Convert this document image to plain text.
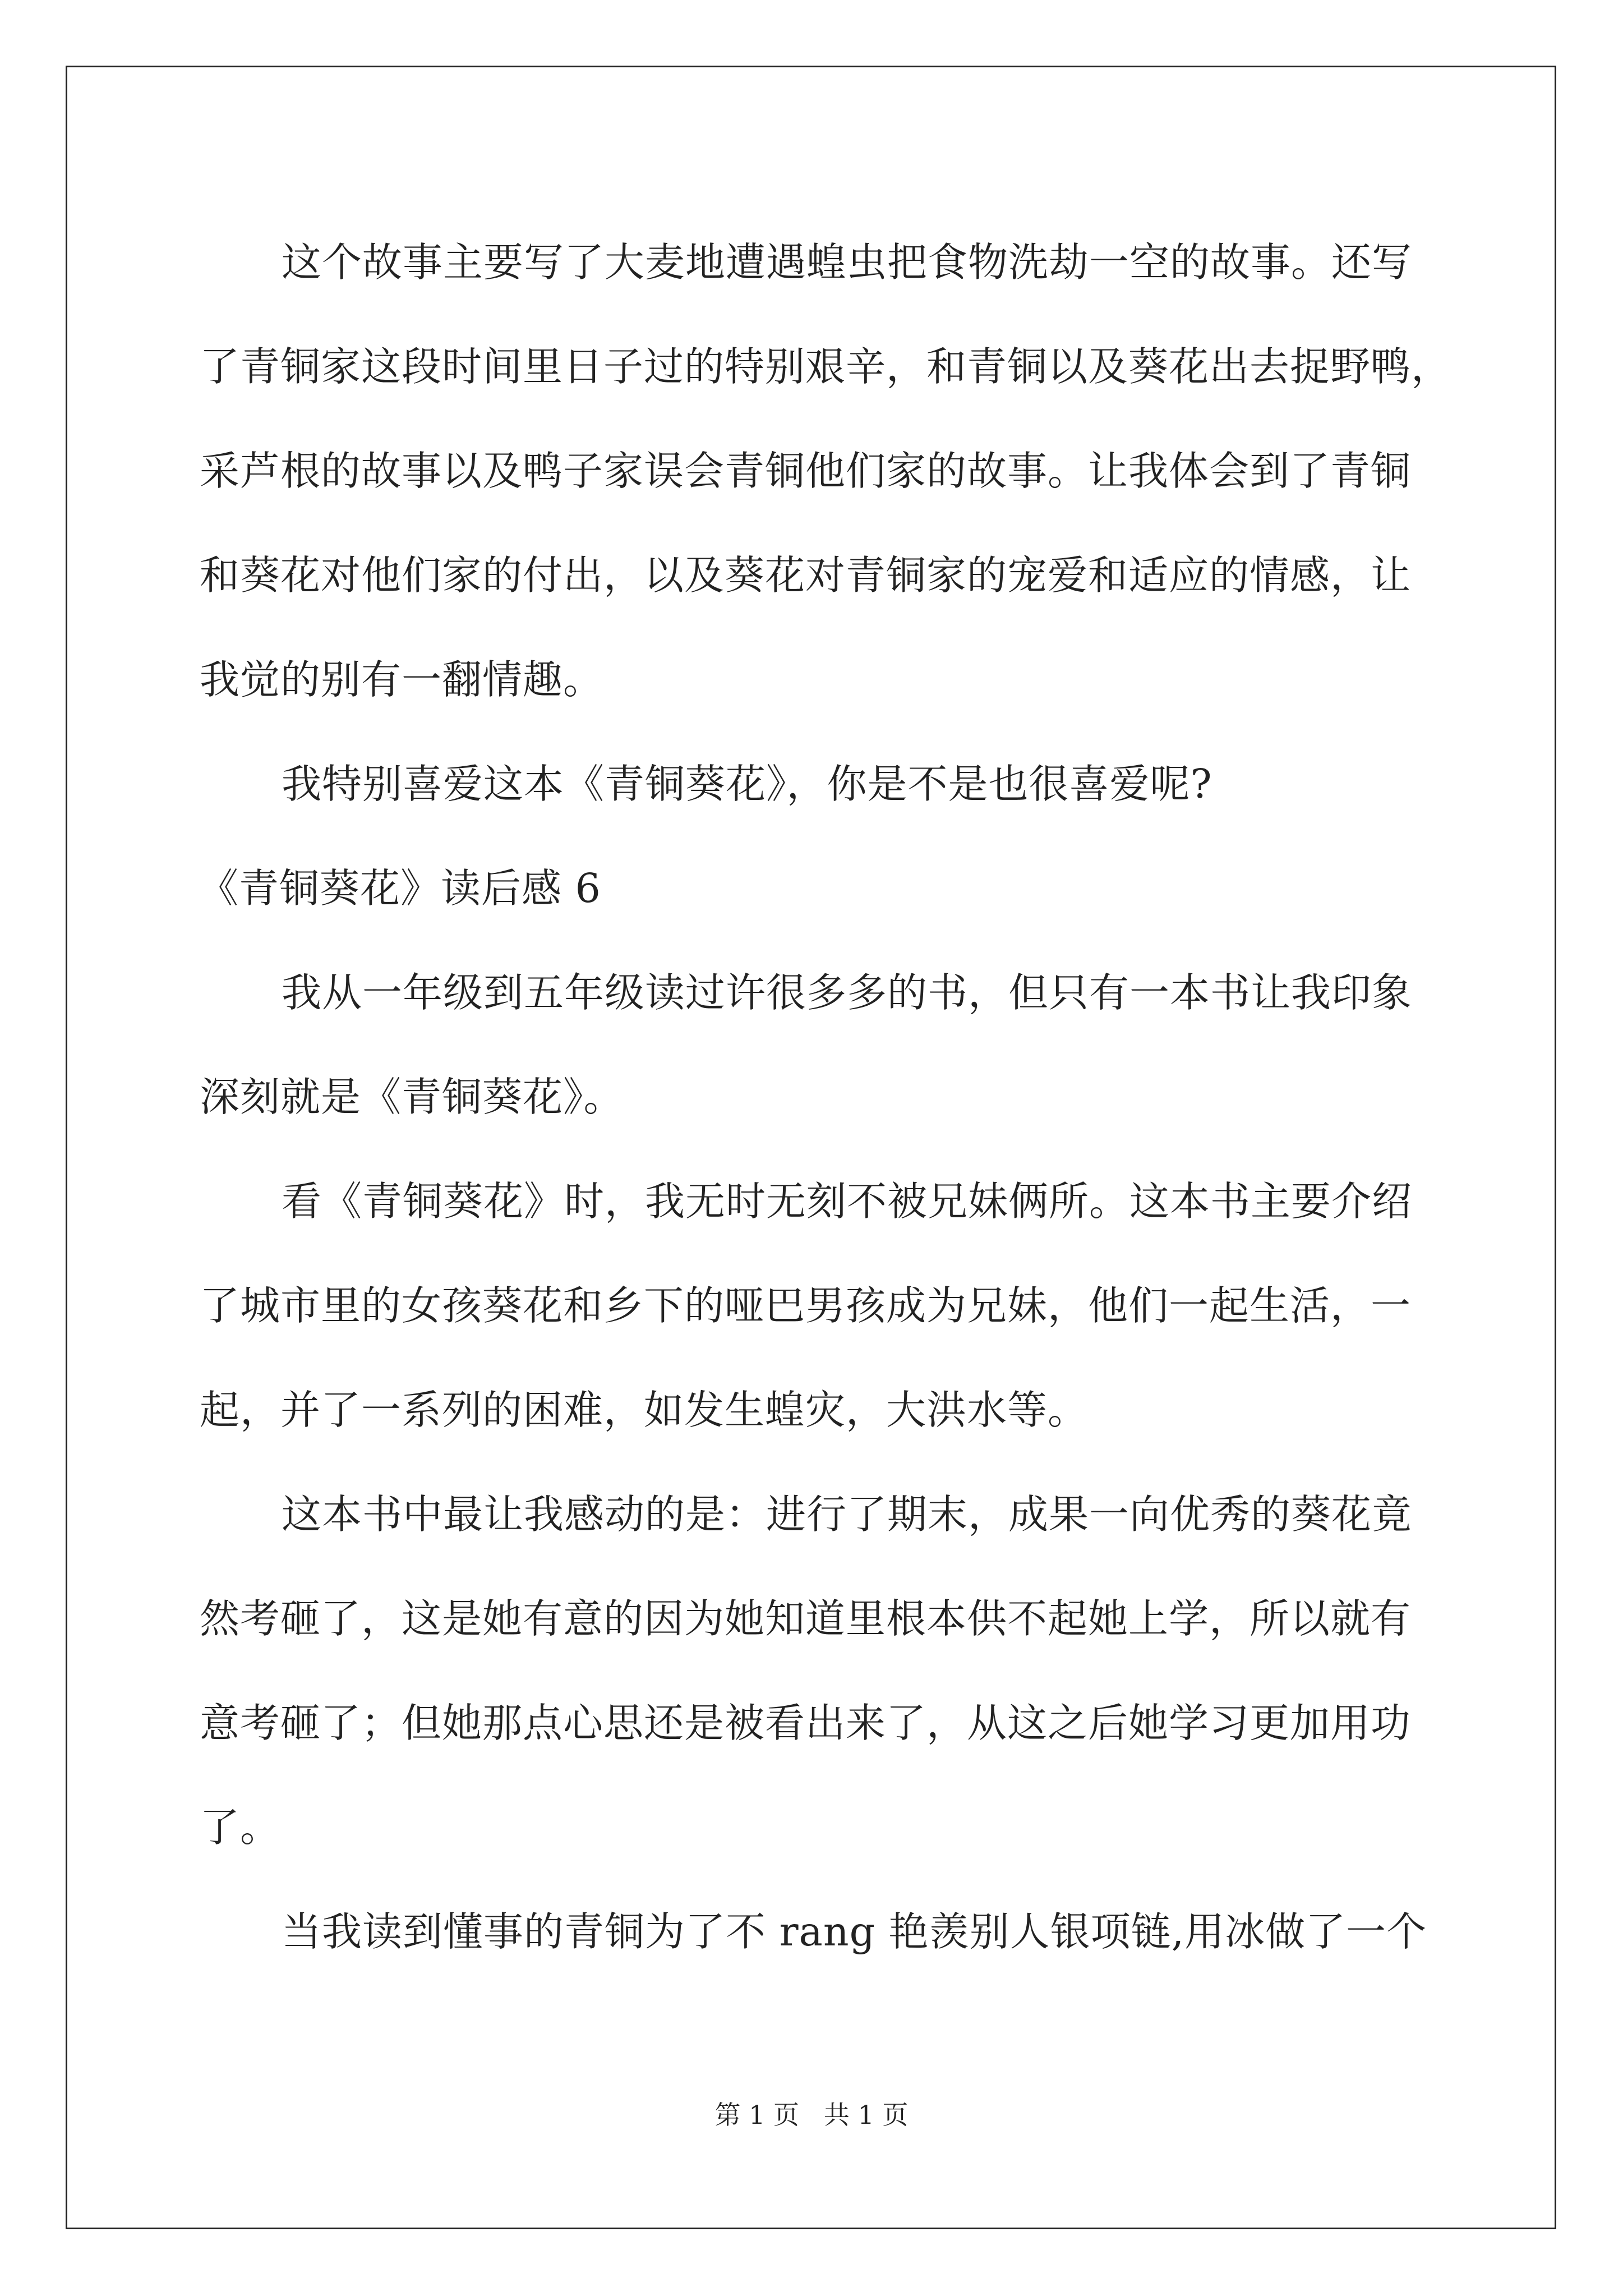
这个故事主要写了大麦地遭遇蝗虫把食物洗劫一空的故事。还写
了青铜家这段时间里日子过的特别艰辛，和青铜以及葵花出去捉野鸭，
采芦根的故事以及鸭子家误会青铜他们家的故事。让我体会到了青铜
和葵花对他们家的付出，以及葵花对青铜家的宠爱和适应的情感，让
我觉的别有一翻情趣。
我特别喜爱这本《青铜葵花》，你是不是也很喜爱呢?
《青铜葵花》读后感 6
我从一年级到五年级读过许很多多的书，但只有一本书让我印象
深刻就是《青铜葵花》。
看《青铜葵花》时，我无时无刻不被兄妹俩所。这本书主要介绍
了城市里的女孩葵花和乡下的哑巴男孩成为兄妹，他们一起生活，一
起，并了一系列的困难，如发生蝗灾，大洪水等。
这本书中最让我感动的是：进行了期末，成果一向优秀的葵花竟
然考砸了，这是她有意的因为她知道里根本供不起她上学，所以就有
意考砸了；但她那点心思还是被看出来了，从这之后她学习更加用功
了。
当我读到懂事的青铜为了不 rang 艳羡别人银项链,用冰做了一个
第 1 页   共 1 页
